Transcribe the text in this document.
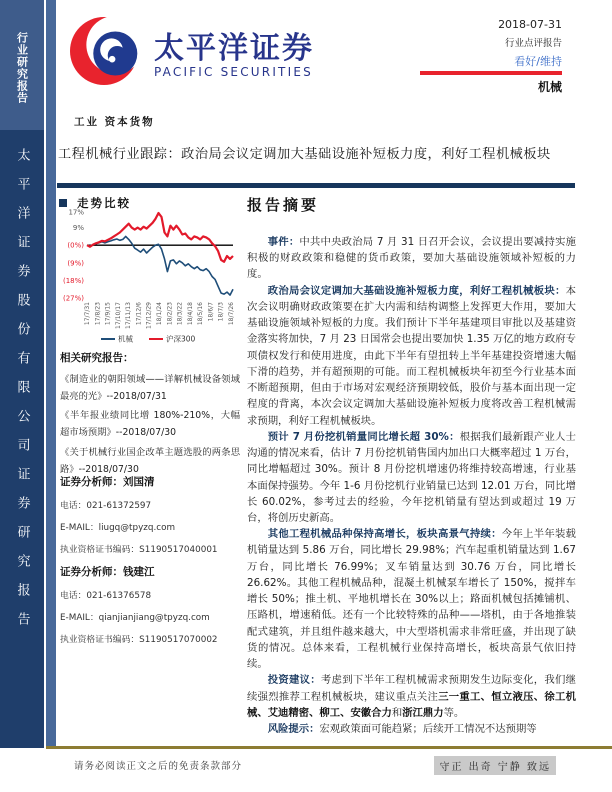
行业研究报告
太平洋证券股份有限公司证券研究报告
太平洋证券
PACIFIC SECURITIES
2018-07-31
行业点评报告
看好/维持
机械
工业 资本货物
工程机械行业跟踪：政治局会议定调加大基础设施补短板力度，利好工程机械板块
走势比较
17%
9%
(0%)
(9%)
(18%)
(27%)
17/7/31 17/8/23 17/9/15 17/10/17 17/11/13 17/12/6 17/12/29 18/1/24 18/2/23 18/3/22 18/4/18 18/5/16 18/6/7 18/7/3 18/7/26
机械	沪深300
相关研究报告：
《制造业的朝阳领域——详解机械设备领域最亮的光》--2018/07/31
《半年报业绩同比增 180%-210%，大幅超市场预期》--2018/07/30
《关于机械行业国企改革主题选股的两条思路》--2018/07/30
证券分析师：刘国清
电话：021-61372597
E-MAIL：liugq@tpyzq.com
执业资格证书编码：S1190517040001
证券分析师：钱建江
电话：021-61376578
E-MAIL：qianjianjiang@tpyzq.com
执业资格证书编码：S1190517070002
报告摘要

事件：中共中央政治局 7 月 31 日召开会议，会议提出要减持实施积极的财政政策和稳健的货币政策，要加大基础设施领域补短板的力度。

政治局会议定调加大基础设施补短板力度，利好工程机械板块：本次会议明确财政政策要在扩大内需和结构调整上发挥更大作用，要加大基础设施领域补短板的力度。我们预计下半年基建项目审批以及基建资金落实将加快，7 月 23 日国常会也提出要加快 1.35 万亿的地方政府专项债权发行和使用进度，由此下半年有望扭转上半年基建投资增速大幅下滑的趋势，并有超预期的可能。而工程机械板块年初至今行业基本面不断超预期，但由于市场对宏观经济预期较低，股价与基本面出现一定程度的背离，本次会议定调加大基础设施补短板力度将改善工程机械需求预期，利好工程机械板块。

预计 7 月份挖机销量同比增长超 30%：根据我们最新跟产业人士沟通的情况来看，估计 7 月份挖机销售国内加出口大概率超过 1 万台，同比增幅超过 30%。预计 8 月份挖机增速仍将维持较高增速，行业基本面保持强势。今年 1-6 月份挖机行业销量已达到 12.01 万台，同比增长 60.02%，参考过去的经验，今年挖机销量有望达到或超过 19 万台，将创历史新高。

其他工程机械品种保持高增长，板块高景气持续：今年上半年装载机销量达到 5.86 万台，同比增长 29.98%；汽车起重机销量达到 1.67 万台，同比增长 76.99%；叉车销量达到 30.76 万台，同比增长 26.62%。其他工程机械品种，混凝土机械泵车增长了 150%，搅拌车增长 50%；推土机、平地机增长在 30%以上；路面机械包括摊铺机、压路机，增速稍低。还有一个比较特殊的品种——塔机，由于各地推装配式建筑，并且组件越来越大，中大型塔机需求非常旺盛，并出现了缺货的情况。总体来看，工程机械行业保持高增长，板块高景气依旧持续。

投资建议：考虑到下半年工程机械需求预期发生边际变化，我们继续强烈推荐工程机械板块，建议重点关注三一重工、恒立液压、徐工机械、艾迪精密、柳工、安徽合力和浙江鼎力等。

风险提示：宏观政策面可能趋紧；后续开工情况不达预期等

请务必阅读正文之后的免责条款部分	守正 出奇 宁静 致远
